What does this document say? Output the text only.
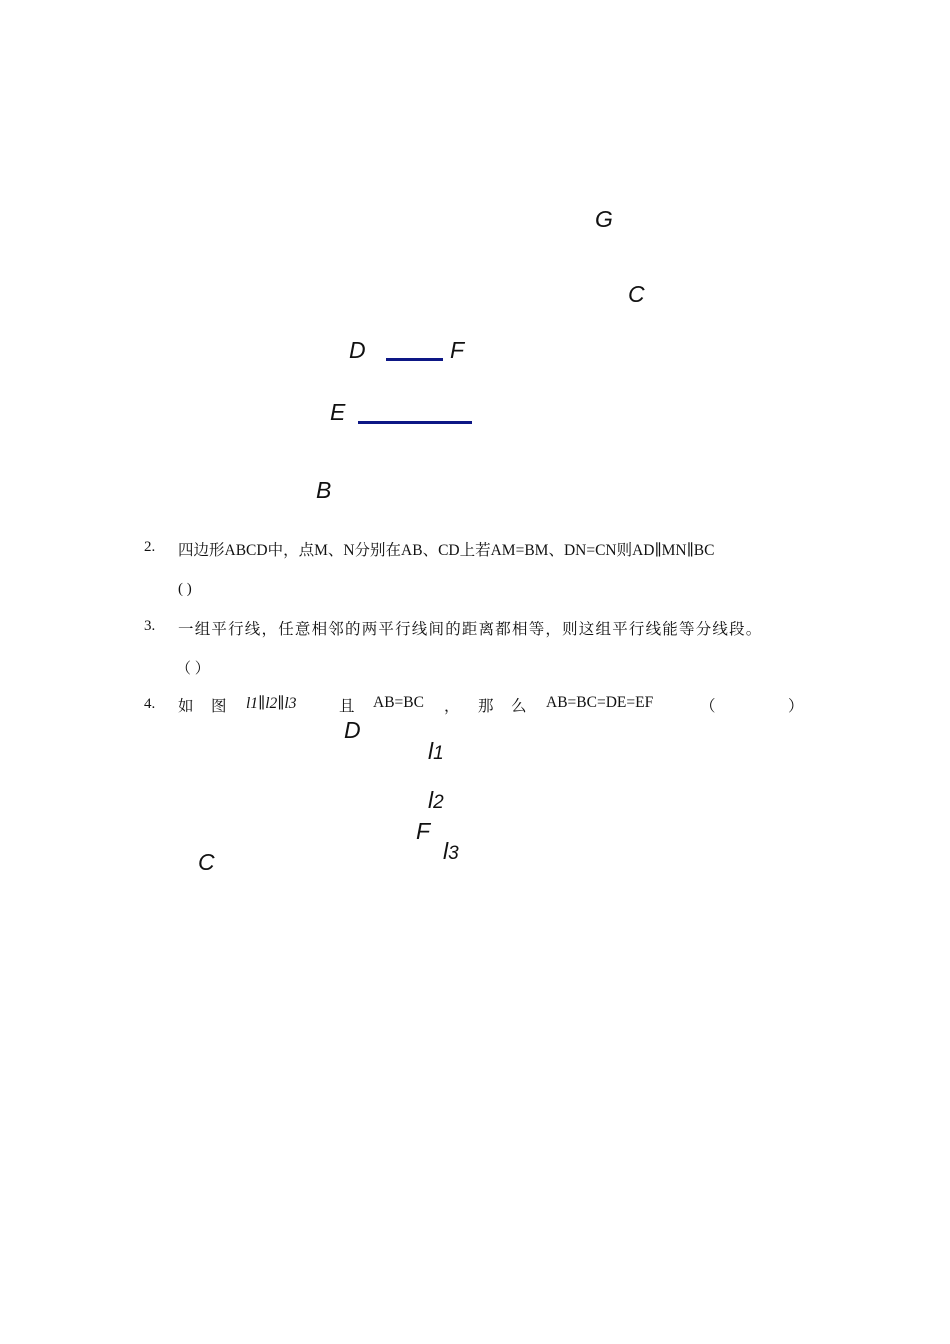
G
C
D	F
E
B
2. 四边形ABCD中，点M、N分别在AB、CD上若AM=BM、DN=CN则AD∥MN∥BC
( )
3. 一组平行线，任意相邻的两平行线间的距离都相等，则这组平行线能等分线段。
（ ）
4. 如 图 l1∥l2∥l3	且 AB=BC ， 那 么 AB=BC=DE=EF	（	）
D
l1
l2
F
l3
C
